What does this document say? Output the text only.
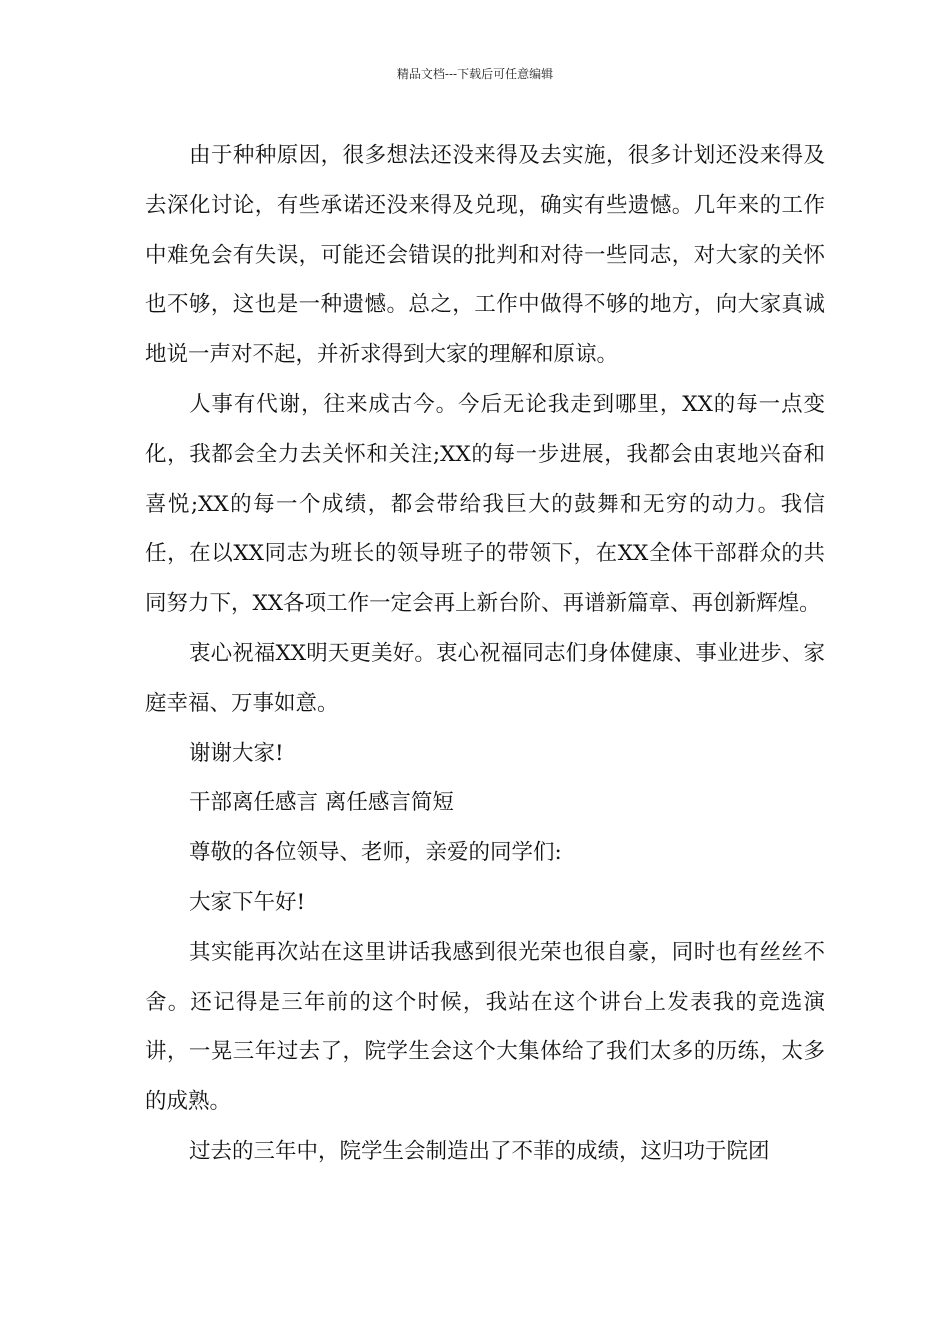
精品文档---下载后可任意编辑

由于种种原因，很多想法还没来得及去实施，很多计划还没来得及去深化讨论，有些承诺还没来得及兑现，确实有些遗憾。几年来的工作中难免会有失误，可能还会错误的批判和对待一些同志，对大家的关怀也不够，这也是一种遗憾。总之，工作中做得不够的地方，向大家真诚地说一声对不起，并祈求得到大家的理解和原谅。

人事有代谢，往来成古今。今后无论我走到哪里，XX的每一点变化，我都会全力去关怀和关注;XX的每一步进展，我都会由衷地兴奋和喜悦;XX的每一个成绩，都会带给我巨大的鼓舞和无穷的动力。我信任，在以XX同志为班长的领导班子的带领下，在XX全体干部群众的共同努力下，XX各项工作一定会再上新台阶、再谱新篇章、再创新辉煌。

衷心祝福XX明天更美好。衷心祝福同志们身体健康、事业进步、家庭幸福、万事如意。

谢谢大家!

干部离任感言 离任感言简短

尊敬的各位领导、老师，亲爱的同学们:

大家下午好!

其实能再次站在这里讲话我感到很光荣也很自豪，同时也有丝丝不舍。还记得是三年前的这个时候，我站在这个讲台上发表我的竞选演讲，一晃三年过去了，院学生会这个大集体给了我们太多的历练，太多的成熟。

过去的三年中，院学生会制造出了不菲的成绩，这归功于院团
